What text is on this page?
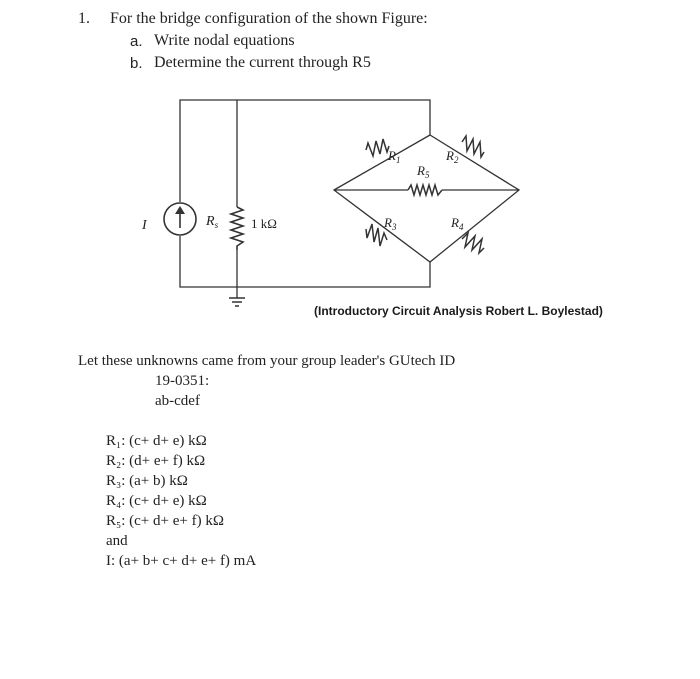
1. For the bridge configuration of the shown Figure:
a. Write nodal equations
b. Determine the current through R5
I	$R_s$	1 kΩ
$R_1$
$R_5$
$R_2$
$R_3$	$R_4$
(Introductory Circuit Analysis Robert L. Boylestad)
Let these unknowns came from your group leader's GUtech ID
19-0351:
ab-cdef
R₁: (c+ d+ e) kΩ
R₂: (d+ e+ f) kΩ
R₃: (a+ b) kΩ
R₄: (c+ d+ e) kΩ
R₅: (c+ d+ e+ f) kΩ
and
I: (a+ b+ c+ d+ e+ f) mA
